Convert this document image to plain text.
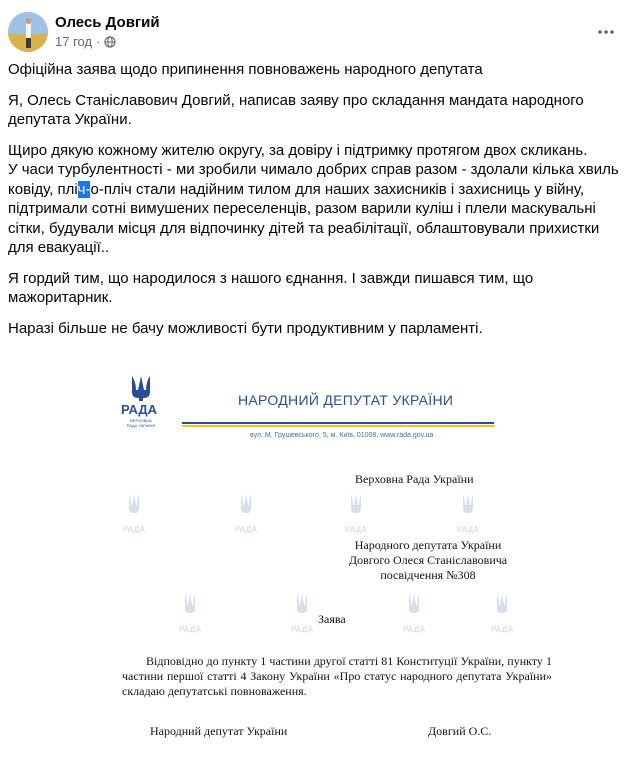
Олесь Довгий
17 год ·

Офіційна заява щодо припинення повноважень народного депутата

Я, Олесь Станіславович Довгий, написав заяву про складання мандата народного депутата України.

Щиро дякую кожному жителю округу, за довіру і підтримку протягом двох скликань.
У часи турбулентності - ми зробили чимало добрих справ разом - здолали кілька хвиль ковіду, пліч-о-пліч стали надійним тилом для наших захисників і захисниць у війну, підтримали сотні вимушених переселенців, разом варили куліш і плели маскувальні сітки, будували місця для відпочинку дітей та реабілітації, облаштовували прихистки для евакуації..

Я гордий тим, що народилося з нашого єднання. І завжди пишався тим, що мажоритарник.

Наразі більше не бачу можливості бути продуктивним у парламенті.

РАДА
ВЕРХОВНА РАДА УКРАЇНИ
НАРОДНИЙ ДЕПУТАТ УКРАЇНИ
вул. М. Грушевського, 5, м. Київ, 01008, www.rada.gov.ua
РАДА	РАДА	РАДА	РАДА
РАДА	РАДА	РАДА	РАДА
Верховна Рада України
Народного депутата України
Довгого Олеся Станіславовича
посвідчення №308
Заява
Відповідно до пункту 1 частини другої статті 81 Конституції України, пункту 1 частини першої статті 4 Закону України «Про статус народного депутата України» складаю депутатські повноваження.
Народний депутат України	Довгий О.С.
